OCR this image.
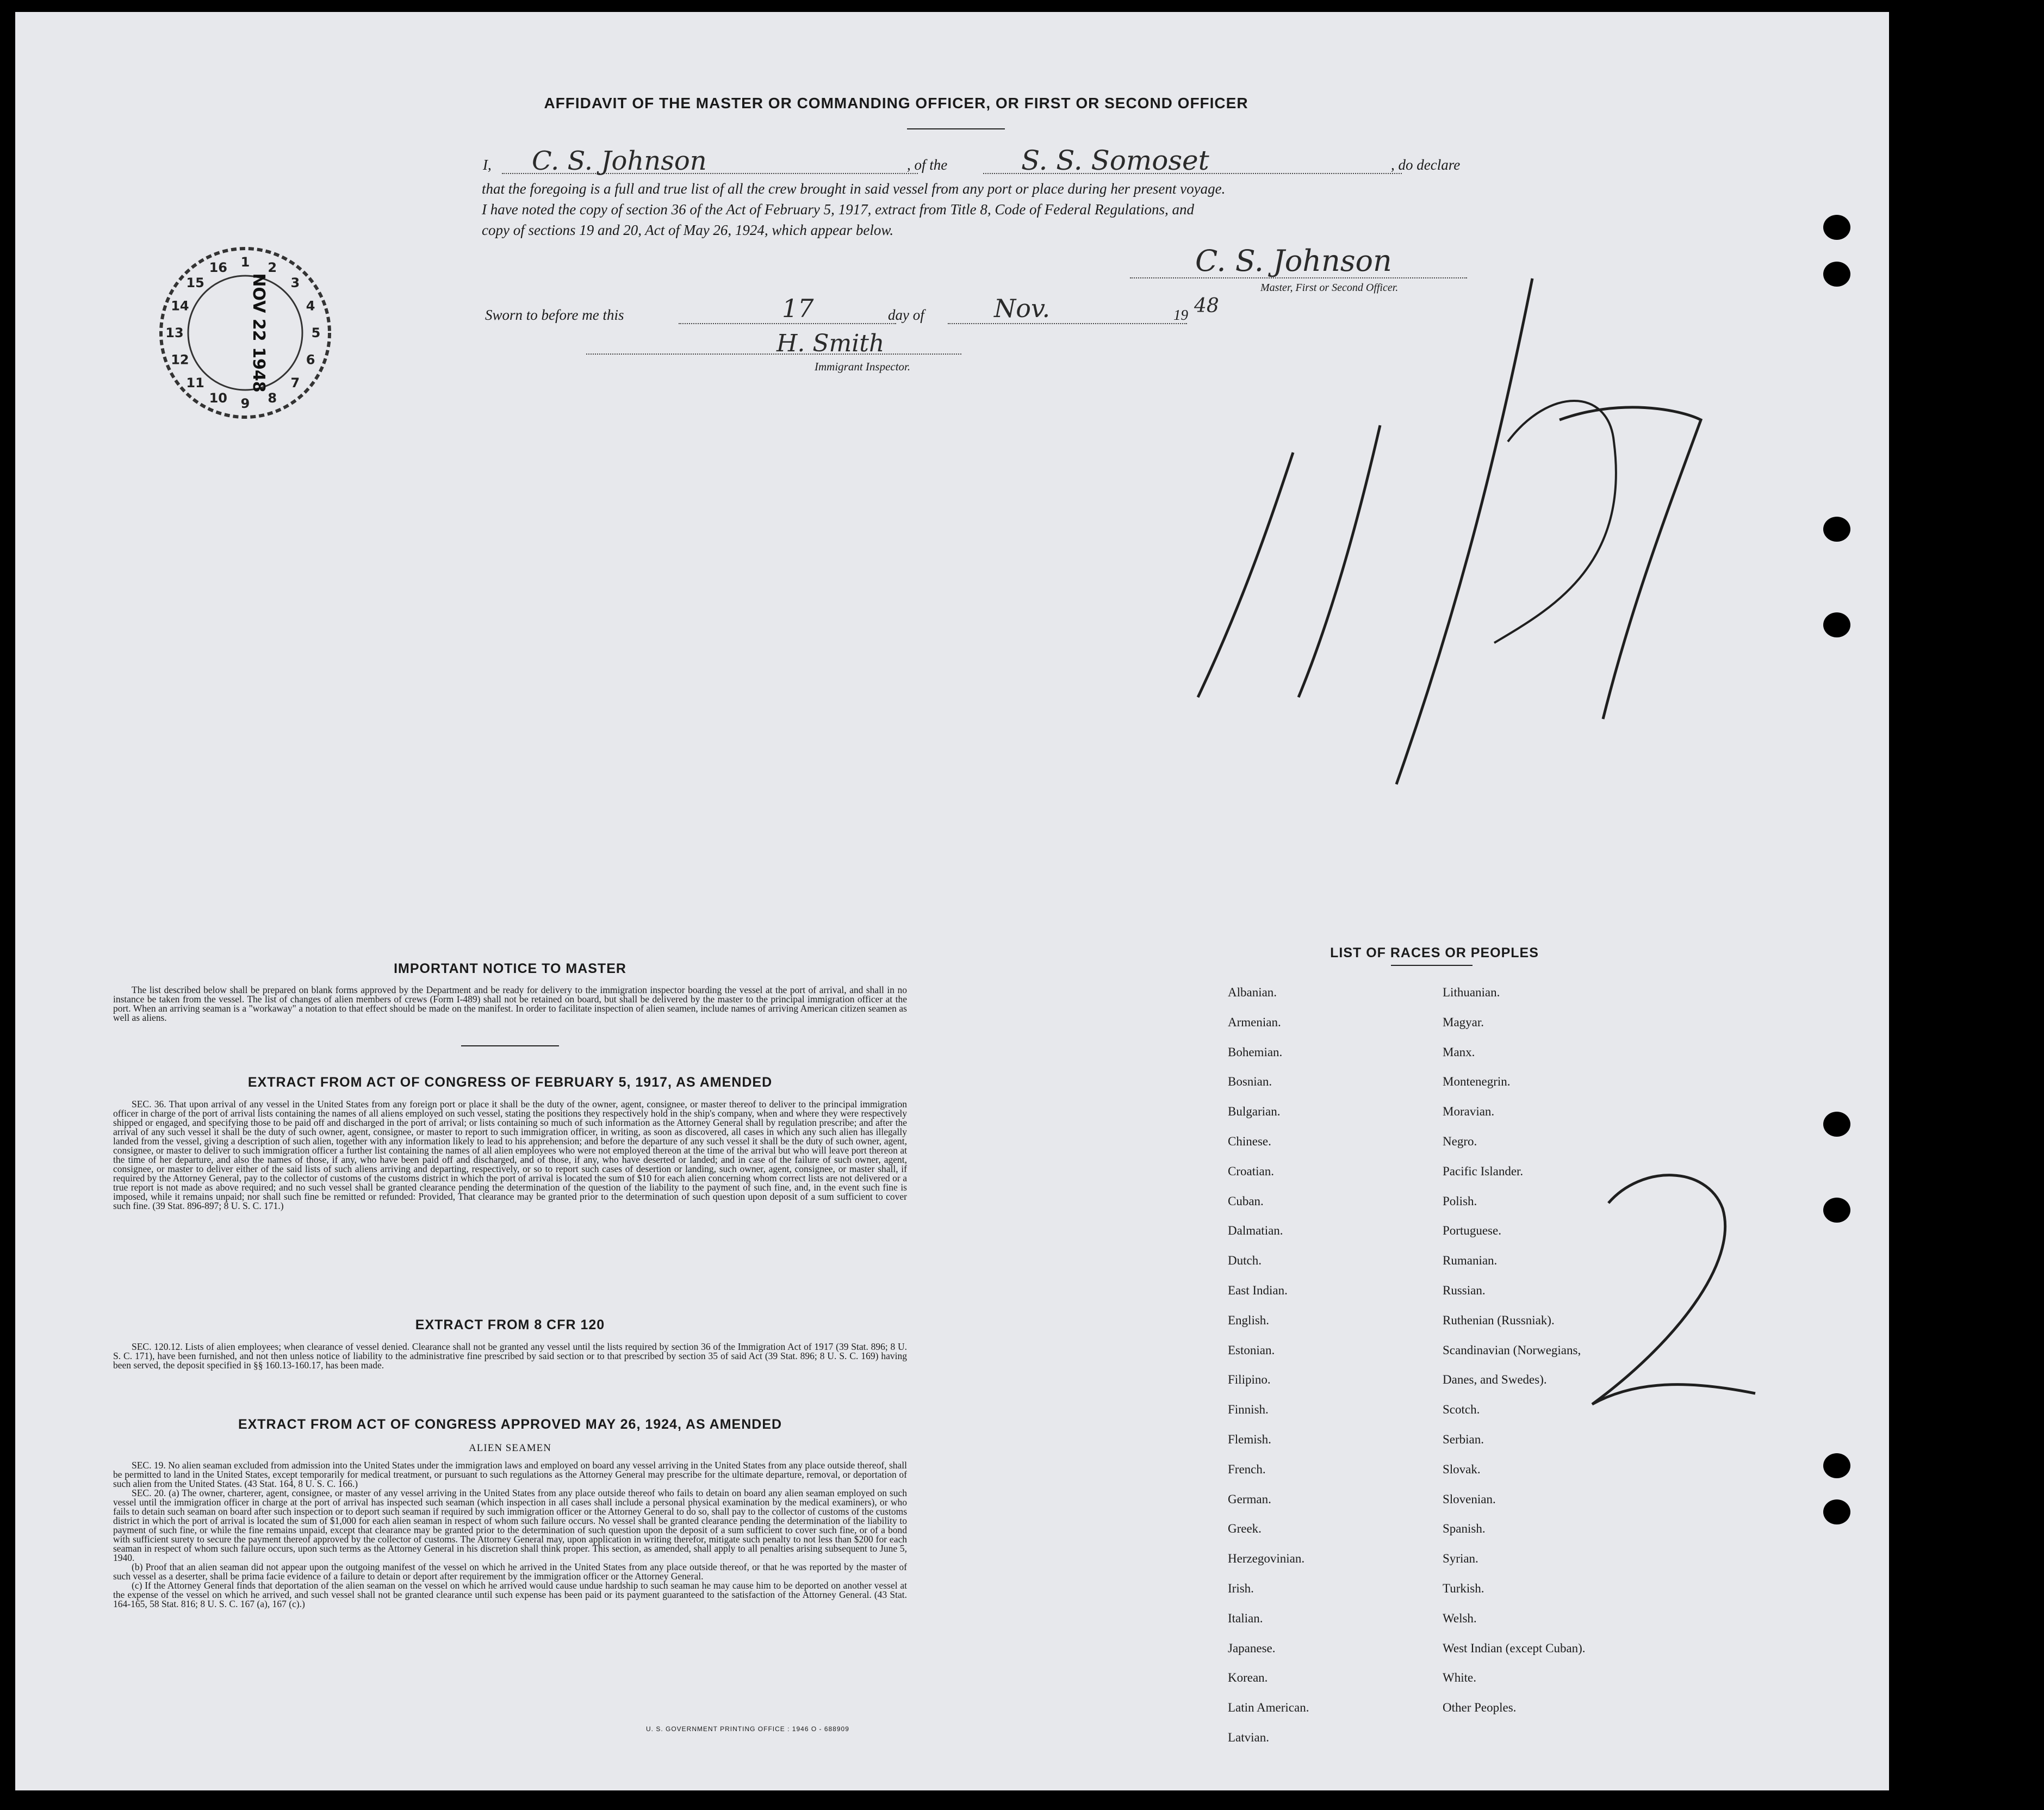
AFFIDAVIT OF THE MASTER OR COMMANDING OFFICER, OR FIRST OR SECOND OFFICER
I, C. S. Johnson	, of the	S. S. Somoset	, do declare
that the foregoing is a full and true list of all the crew brought in said vessel from any port or place during her present voyage.
I have noted the copy of section 36 of the Act of February 5, 1917, extract from Title 8, Code of Federal Regulations, and
copy of sections 19 and 20, Act of May 26, 1924, which appear below.
C. S. Johnson
Master, First or Second Officer.
Sworn to before me this	17	day of	Nov.	19 48
H. Smith
Immigrant Inspector.
1 2
3
4
5
6
7
8
9
10
11
12
13
14
15
16
NOV 22 1948
IMPORTANT NOTICE TO MASTER

The list described below shall be prepared on blank forms approved by the Department and be ready for delivery to the immigration inspector boarding the vessel at the port of arrival, and shall in no instance be taken from the vessel. The list of changes of alien members of crews (Form I-489) shall not be retained on board, but shall be delivered by the master to the principal immigration officer at the port. When an arriving seaman is a "workaway" a notation to that effect should be made on the manifest. In order to facilitate inspection of alien seamen, include names of arriving American citizen seamen as well as aliens.

EXTRACT FROM ACT OF CONGRESS OF FEBRUARY 5, 1917, AS AMENDED

SEC. 36. That upon arrival of any vessel in the United States from any foreign port or place it shall be the duty of the owner, agent, consignee, or master thereof to deliver to the principal immigration officer in charge of the port of arrival lists containing the names of all aliens employed on such vessel, stating the positions they respectively hold in the ship's company, when and where they were respectively shipped or engaged, and specifying those to be paid off and discharged in the port of arrival; or lists containing so much of such information as the Attorney General shall by regulation prescribe; and after the arrival of any such vessel it shall be the duty of such owner, agent, consignee, or master to report to such immigration officer, in writing, as soon as discovered, all cases in which any such alien has illegally landed from the vessel, giving a description of such alien, together with any information likely to lead to his apprehension; and before the departure of any such vessel it shall be the duty of such owner, agent, consignee, or master to deliver to such immigration officer a further list containing the names of all alien employees who were not employed thereon at the time of the arrival but who will leave port thereon at the time of her departure, and also the names of those, if any, who have been paid off and discharged, and of those, if any, who have deserted or landed; and in case of the failure of such owner, agent, consignee, or master to deliver either of the said lists of such aliens arriving and departing, respectively, or so to report such cases of desertion or landing, such owner, agent, consignee, or master shall, if required by the Attorney General, pay to the collector of customs of the customs district in which the port of arrival is located the sum of $10 for each alien concerning whom correct lists are not delivered or a true report is not made as above required; and no such vessel shall be granted clearance pending the determination of the question of the liability to the payment of such fine, and, in the event such fine is imposed, while it remains unpaid; nor shall such fine be remitted or refunded: Provided, That clearance may be granted prior to the determination of such question upon deposit of a sum sufficient to cover such fine. (39 Stat. 896-897; 8 U. S. C. 171.)

EXTRACT FROM 8 CFR 120

SEC. 120.12. Lists of alien employees; when clearance of vessel denied. Clearance shall not be granted any vessel until the lists required by section 36 of the Immigration Act of 1917 (39 Stat. 896; 8 U. S. C. 171), have been furnished, and not then unless notice of liability to the administrative fine prescribed by said section or to that prescribed by section 35 of said Act (39 Stat. 896; 8 U. S. C. 169) having been served, the deposit specified in §§ 160.13-160.17, has been made.

EXTRACT FROM ACT OF CONGRESS APPROVED MAY 26, 1924, AS AMENDED
ALIEN SEAMEN

SEC. 19. No alien seaman excluded from admission into the United States under the immigration laws and employed on board any vessel arriving in the United States from any place outside thereof, shall be permitted to land in the United States, except temporarily for medical treatment, or pursuant to such regulations as the Attorney General may prescribe for the ultimate departure, removal, or deportation of such alien from the United States. (43 Stat. 164, 8 U. S. C. 166.)

SEC. 20. (a) The owner, charterer, agent, consignee, or master of any vessel arriving in the United States from any place outside thereof who fails to detain on board any alien seaman employed on such vessel until the immigration officer in charge at the port of arrival has inspected such seaman (which inspection in all cases shall include a personal physical examination by the medical examiners), or who fails to detain such seaman on board after such inspection or to deport such seaman if required by such immigration officer or the Attorney General to do so, shall pay to the collector of customs of the customs district in which the port of arrival is located the sum of $1,000 for each alien seaman in respect of whom such failure occurs. No vessel shall be granted clearance pending the determination of the liability to payment of such fine, or while the fine remains unpaid, except that clearance may be granted prior to the determination of such question upon the deposit of a sum sufficient to cover such fine, or of a bond with sufficient surety to secure the payment thereof approved by the collector of customs. The Attorney General may, upon application in writing therefor, mitigate such penalty to not less than $200 for each seaman in respect of whom such failure occurs, upon such terms as the Attorney General in his discretion shall think proper. This section, as amended, shall apply to all penalties arising subsequent to June 5, 1940.

(b) Proof that an alien seaman did not appear upon the outgoing manifest of the vessel on which he arrived in the United States from any place outside thereof, or that he was reported by the master of such vessel as a deserter, shall be prima facie evidence of a failure to detain or deport after requirement by the immigration officer or the Attorney General.

(c) If the Attorney General finds that deportation of the alien seaman on the vessel on which he arrived would cause undue hardship to such seaman he may cause him to be deported on another vessel at the expense of the vessel on which he arrived, and such vessel shall not be granted clearance until such expense has been paid or its payment guaranteed to the satisfaction of the Attorney General. (43 Stat. 164-165, 58 Stat. 816; 8 U. S. C. 167 (a), 167 (c).)

U. S. GOVERNMENT PRINTING OFFICE : 1946 O - 688909
LIST OF RACES OR PEOPLES
Albanian.
Armenian.
Bohemian.
Bosnian.
Bulgarian.
Chinese.
Croatian.
Cuban.
Dalmatian.
Dutch.
East Indian.
English.
Estonian.
Filipino.
Finnish.
Flemish.
French.
German.
Greek.
Herzegovinian.
Irish.
Italian.
Japanese.
Korean.
Latin American.
Latvian.
Lithuanian.
Magyar.
Manx.
Montenegrin.
Moravian.
Negro.
Pacific Islander.
Polish.
Portuguese.
Rumanian.
Russian.
Ruthenian (Russniak).
Scandinavian (Norwegians,
Danes, and Swedes).
Scotch.
Serbian.
Slovak.
Slovenian.
Spanish.
Syrian.
Turkish.
Welsh.
West Indian (except Cuban).
White.
Other Peoples.
